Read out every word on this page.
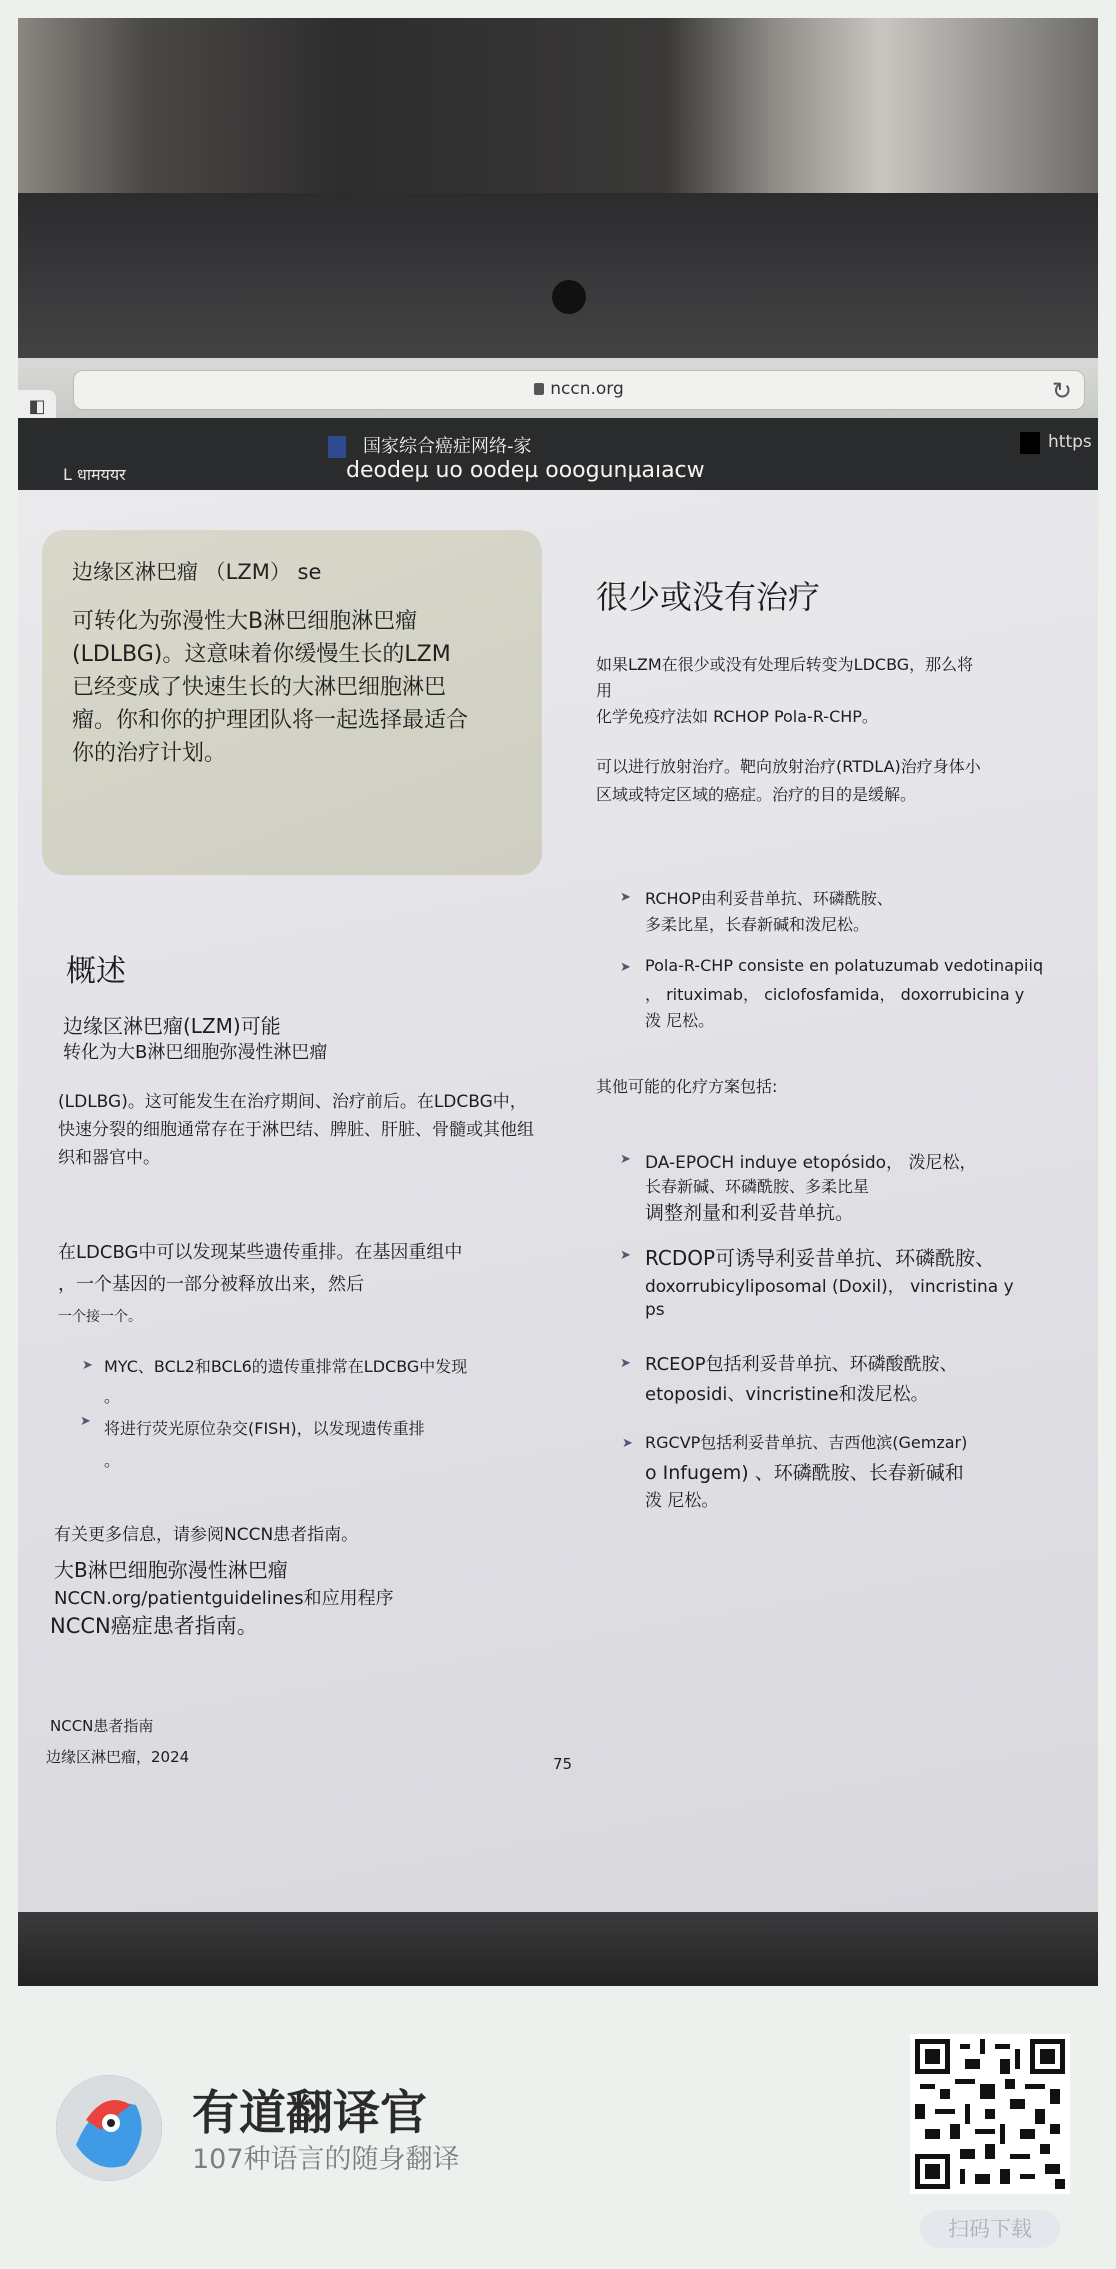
◧
nccn.org	↻
L धामययर
国家综合癌症网络-家
deodeµ uo oodeµ ooogunµaıacw
https
边缘区淋巴瘤 （LZM） se
可转化为弥漫性大B淋巴细胞淋巴瘤(LDLBG)。这意味着你缓慢生长的LZM已经变成了快速生长的大淋巴细胞淋巴瘤。你和你的护理团队将一起选择最适合你的治疗计划。
概述
边缘区淋巴瘤(LZM)可能
转化为大B淋巴细胞弥漫性淋巴瘤
(LDLBG)。这可能发生在治疗期间、治疗前后。在LDCBG中，快速分裂的细胞通常存在于淋巴结、脾脏、肝脏、骨髓或其他组织和器官中。
在LDCBG中可以发现某些遗传重排。在基因重组中
，一个基因的一部分被释放出来，然后
一个接一个。
➤ MYC、BCL2和BCL6的遗传重排常在LDCBG中发现
。
➤ 将进行荧光原位杂交(FISH)，以发现遗传重排
。
有关更多信息，请参阅NCCN患者指南。
大B淋巴细胞弥漫性淋巴瘤
NCCN.org/patientguidelines和应用程序
NCCN癌症患者指南。
NCCN患者指南
边缘区淋巴瘤，2024	75
很少或没有治疗
如果LZM在很少或没有处理后转变为LDCBG，那么将
用
化学免疫疗法如 RCHOP Pola-R-CHP。
可以进行放射治疗。靶向放射治疗(RTDLA)治疗身体小
区域或特定区域的癌症。治疗的目的是缓解。
➤ RCHOP由利妥昔单抗、环磷酰胺、
多柔比星，长春新碱和泼尼松。
➤ Pola-R-CHP consiste en polatuzumab vedotinapiiq
， rituximab， ciclofosfamida， doxorrubicina y
泼 尼松。
其他可能的化疗方案包括:
➤ DA-EPOCH induye etopósido， 泼尼松，
长春新碱、环磷酰胺、多柔比星
调整剂量和利妥昔单抗。
➤ RCDOP可诱导利妥昔单抗、环磷酰胺、
doxorrubicyliposomal (Doxil)， vincristina y
ps
➤ RCEOP包括利妥昔单抗、环磷酸酰胺、
etoposidi、vincristine和泼尼松。
➤ RGCVP包括利妥昔单抗、吉西他滨(Gemzar)
o Infugem) 、环磷酰胺、长春新碱和
泼 尼松。
有道翻译官
107种语言的随身翻译
扫码下载
